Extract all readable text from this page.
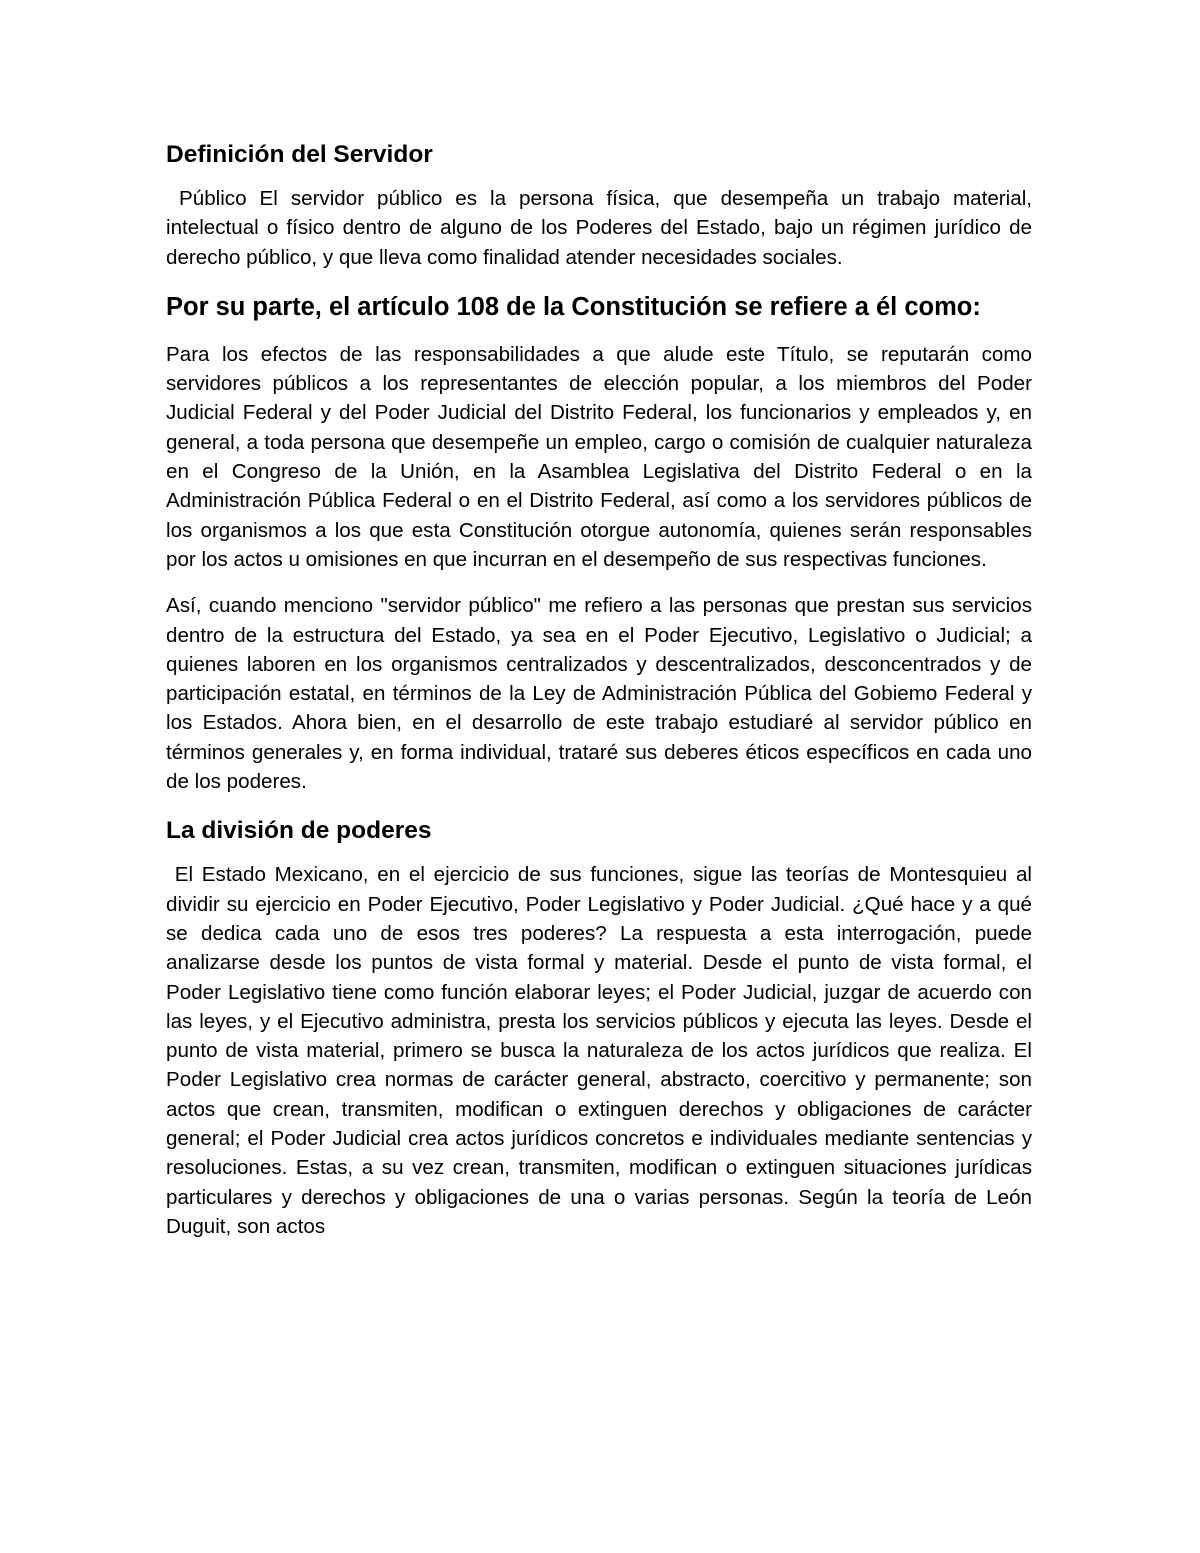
Definición del Servidor

Público El servidor público es la persona física, que desempeña un trabajo material, intelectual o físico dentro de alguno de los Poderes del Estado, bajo un régimen jurídico de derecho público, y que lleva como finalidad atender necesidades sociales.

Por su parte, el artículo 108 de la Constitución se refiere a él como:

Para los efectos de las responsabilidades a que alude este Título, se reputarán como servidores públicos a los representantes de elección popular, a los miembros del Poder Judicial Federal y del Poder Judicial del Distrito Federal, los funcionarios y empleados y, en general, a toda persona que desempeñe un empleo, cargo o comisión de cualquier naturaleza en el Congreso de la Unión, en la Asamblea Legislativa del Distrito Federal o en la Administración Pública Federal o en el Distrito Federal, así como a los servidores públicos de los organismos a los que esta Constitución otorgue autonomía, quienes serán responsables por los actos u omisiones en que incurran en el desempeño de sus respectivas funciones.

Así, cuando menciono "servidor público" me refiero a las personas que prestan sus servicios dentro de la estructura del Estado, ya sea en el Poder Ejecutivo, Legislativo o Judicial; a quienes laboren en los organismos centralizados y descentralizados, desconcentrados y de participación estatal, en términos de la Ley de Administración Pública del Gobiemo Federal y los Estados. Ahora bien, en el desarrollo de este trabajo estudiaré al servidor público en términos generales y, en forma individual, trataré sus deberes éticos específicos en cada uno de los poderes.

La división de poderes

El Estado Mexicano, en el ejercicio de sus funciones, sigue las teorías de Montesquieu al dividir su ejercicio en Poder Ejecutivo, Poder Legislativo y Poder Judicial. ¿Qué hace y a qué se dedica cada uno de esos tres poderes? La respuesta a esta interrogación, puede analizarse desde los puntos de vista formal y material. Desde el punto de vista formal, el Poder Legislativo tiene como función elaborar leyes; el Poder Judicial, juzgar de acuerdo con las leyes, y el Ejecutivo administra, presta los servicios públicos y ejecuta las leyes. Desde el punto de vista material, primero se busca la naturaleza de los actos jurídicos que realiza. El Poder Legislativo crea normas de carácter general, abstracto, coercitivo y permanente; son actos que crean, transmiten, modifican o extinguen derechos y obligaciones de carácter general; el Poder Judicial crea actos jurídicos concretos e individuales mediante sentencias y resoluciones. Estas, a su vez crean, transmiten, modifican o extinguen situaciones jurídicas particulares y derechos y obligaciones de una o varias personas. Según la teoría de León Duguit, son actos
